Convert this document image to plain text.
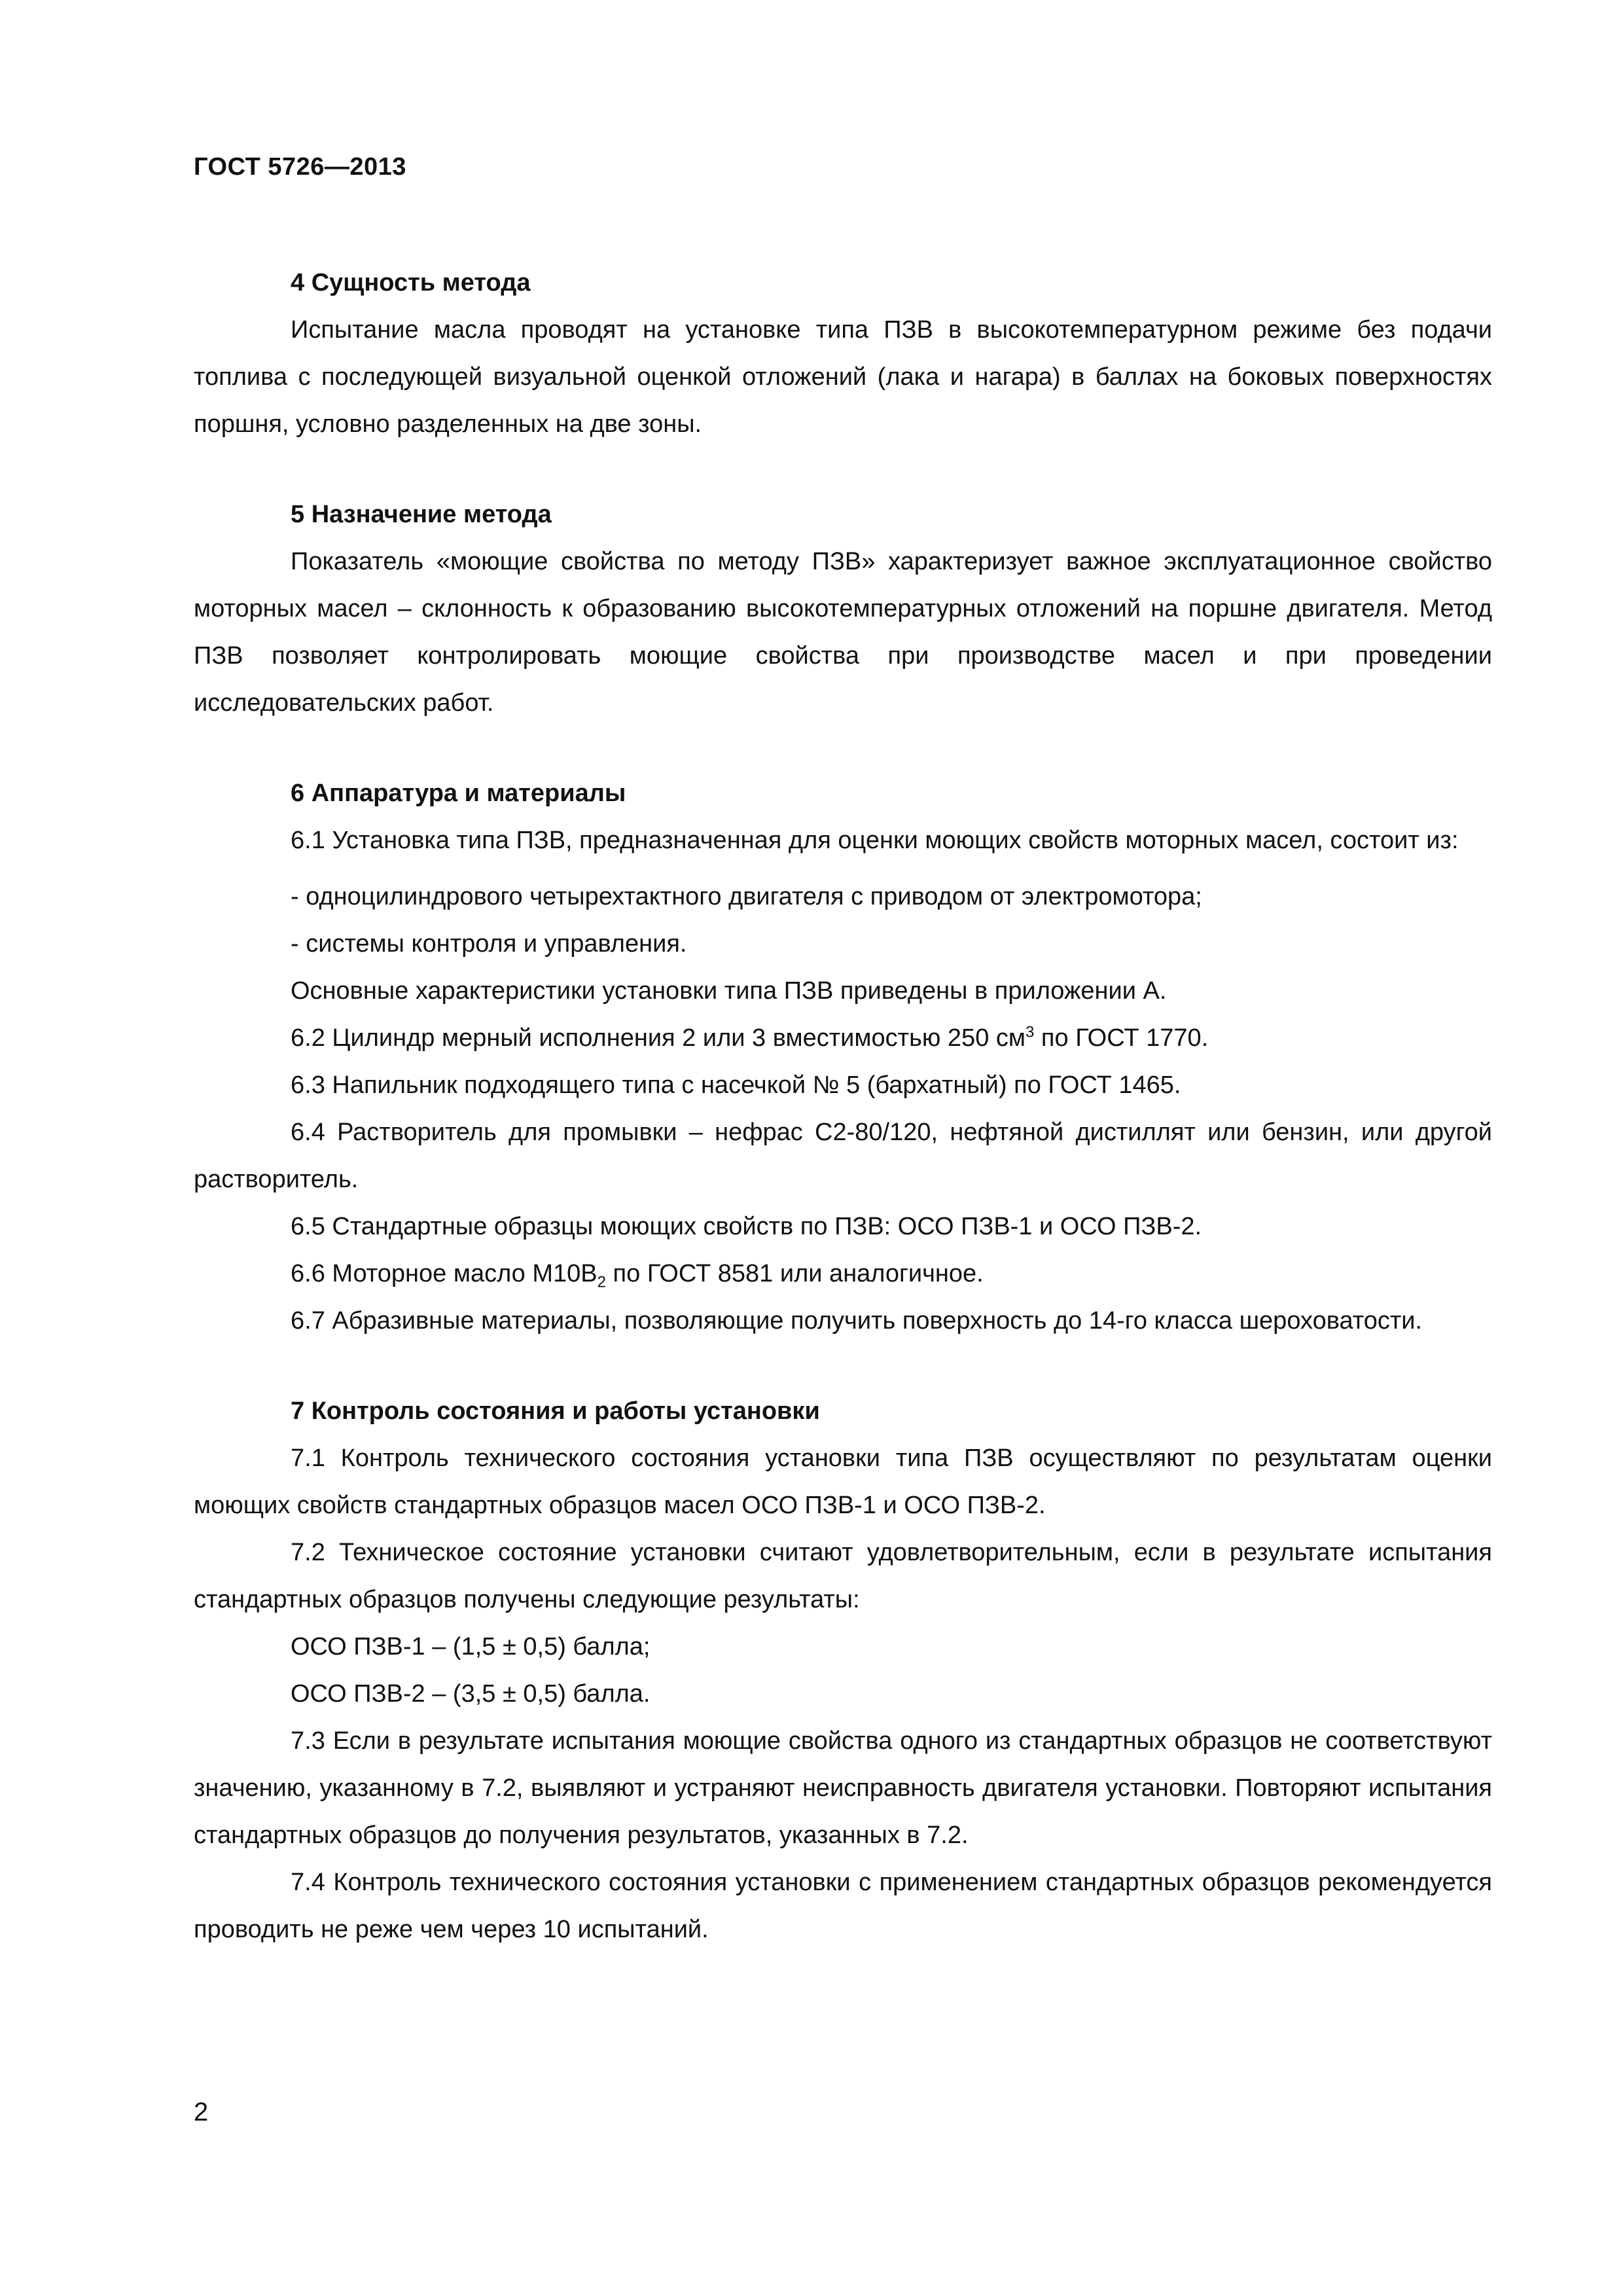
ГОСТ 5726—2013
4 Сущность метода

Испытание масла проводят на установке типа ПЗВ в высокотемпературном режиме без подачи топлива с последующей визуальной оценкой отложений (лака и нагара) в баллах на боковых поверхностях поршня, условно разделенных на две зоны.

5 Назначение метода

Показатель «моющие свойства по методу ПЗВ» характеризует важное эксплуатационное свойство моторных масел – склонность к образованию высокотемпературных отложений на поршне двигателя. Метод ПЗВ позволяет контролировать моющие свойства при производстве масел и при проведении исследовательских работ.

6 Аппаратура и материалы

6.1 Установка типа ПЗВ, предназначенная для оценки моющих свойств моторных масел, состоит из:

- одноцилиндрового четырехтактного двигателя с приводом от электромотора;

- системы контроля и управления.

Основные характеристики установки типа ПЗВ приведены в приложении А.

6.2 Цилиндр мерный исполнения 2 или 3 вместимостью 250 $см^3$ по ГОСТ 1770.

6.3 Напильник подходящего типа с насечкой № 5 (бархатный) по ГОСТ 1465.

6.4 Растворитель для промывки – нефрас С2-80/120, нефтяной дистиллят или бензин, или другой растворитель.

6.5 Стандартные образцы моющих свойств по ПЗВ: ОСО ПЗВ-1 и ОСО ПЗВ-2.

6.6 Моторное масло $М10В_2$ по ГОСТ 8581 или аналогичное.

6.7 Абразивные материалы, позволяющие получить поверхность до 14-го класса шероховатости.

7 Контроль состояния и работы установки

7.1 Контроль технического состояния установки типа ПЗВ осуществляют по результатам оценки моющих свойств стандартных образцов масел ОСО ПЗВ-1 и ОСО ПЗВ-2.

7.2 Техническое состояние установки считают удовлетворительным, если в результате испытания стандартных образцов получены следующие результаты:

ОСО ПЗВ-1 – (1,5 ± 0,5) балла;

ОСО ПЗВ-2 – (3,5 ± 0,5) балла.

7.3 Если в результате испытания моющие свойства одного из стандартных образцов не соответствуют значению, указанному в 7.2, выявляют и устраняют неисправность двигателя установки. Повторяют испытания стандартных образцов до получения результатов, указанных в 7.2.

7.4 Контроль технического состояния установки с применением стандартных образцов рекомендуется проводить не реже чем через 10 испытаний.

2
